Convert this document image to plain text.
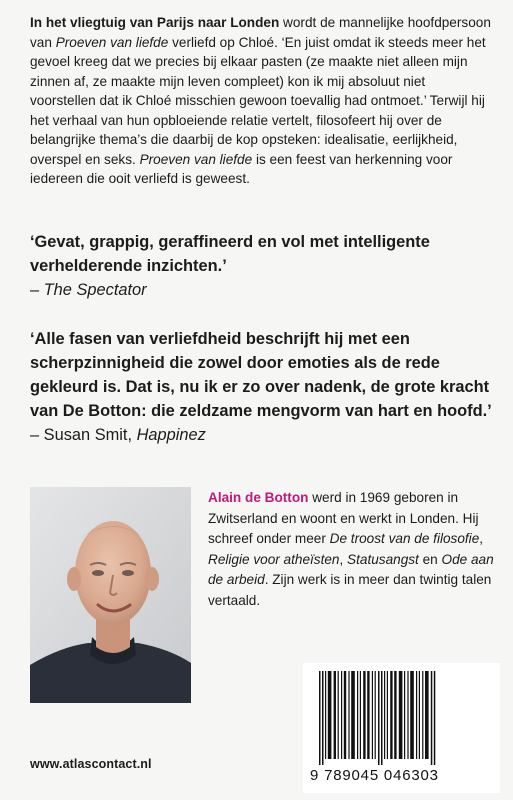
In het vliegtuig van Parijs naar Londen wordt de mannelijke hoofdpersoon van Proeven van liefde verliefd op Chloé. ‘En juist omdat ik steeds meer het gevoel kreeg dat we precies bij elkaar pasten (ze maakte niet alleen mijn zinnen af, ze maakte mijn leven compleet) kon ik mij absoluut niet voorstellen dat ik Chloé misschien gewoon toevallig had ontmoet.’ Terwijl hij het verhaal van hun opbloeiende relatie vertelt, filosofeert hij over de belangrijke thema’s die daarbij de kop opsteken: idealisatie, eerlijkheid, overspel en seks. Proeven van liefde is een feest van herkenning voor iedereen die ooit verliefd is geweest.

‘Gevat, grappig, geraffineerd en vol met intelligente verhelderende inzichten.’
– The Spectator

‘Alle fasen van verliefdheid beschrijft hij met een scherpzinnigheid die zowel door emoties als de rede gekleurd is. Dat is, nu ik er zo over nadenk, de grote kracht van De Botton: die zeldzame mengvorm van hart en hoofd.’
– Susan Smit, Happinez

Alain de Botton werd in 1969 geboren in Zwitserland en woont en werkt in Londen. Hij schreef onder meer De troost van de filosofie, Religie voor atheïsten, Statusangst en Ode aan de arbeid. Zijn werk is in meer dan twintig talen vertaald.

www.atlascontact.nl
9 789045 046303
